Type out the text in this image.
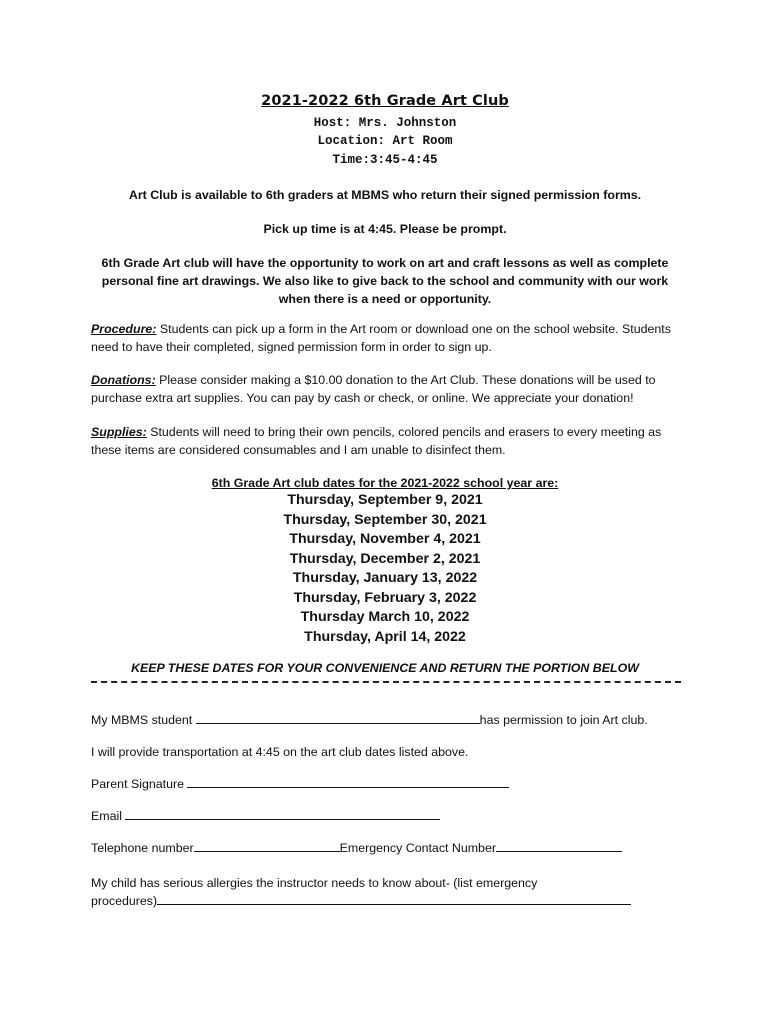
2021-2022 6th Grade Art Club
Host: Mrs. Johnston
Location: Art Room
Time:3:45-4:45
Art Club is available to 6th graders at MBMS who return their signed permission forms.
Pick up time is at 4:45. Please be prompt.
6th Grade Art club will have the opportunity to work on art and craft lessons as well as complete personal fine art drawings. We also like to give back to the school and community with our work when there is a need or opportunity.
Procedure: Students can pick up a form in the Art room or download one on the school website. Students need to have their completed, signed permission form in order to sign up.
Donations: Please consider making a $10.00 donation to the Art Club. These donations will be used to purchase extra art supplies. You can pay by cash or check, or online. We appreciate your donation!
Supplies: Students will need to bring their own pencils, colored pencils and erasers to every meeting as these items are considered consumables and I am unable to disinfect them.
6th Grade Art club dates for the 2021-2022 school year are:
Thursday, September 9, 2021
Thursday, September 30, 2021
Thursday, November 4, 2021
Thursday, December 2, 2021
Thursday, January 13, 2022
Thursday, February 3, 2022
Thursday March 10, 2022
Thursday, April 14, 2022
KEEP THESE DATES FOR YOUR CONVENIENCE AND RETURN THE PORTION BELOW
My MBMS student	has permission to join Art club.
I will provide transportation at 4:45 on the art club dates listed above.
Parent Signature
Email
Telephone number	Emergency Contact Number
My child has serious allergies the instructor needs to know about- (list emergency
procedures)
